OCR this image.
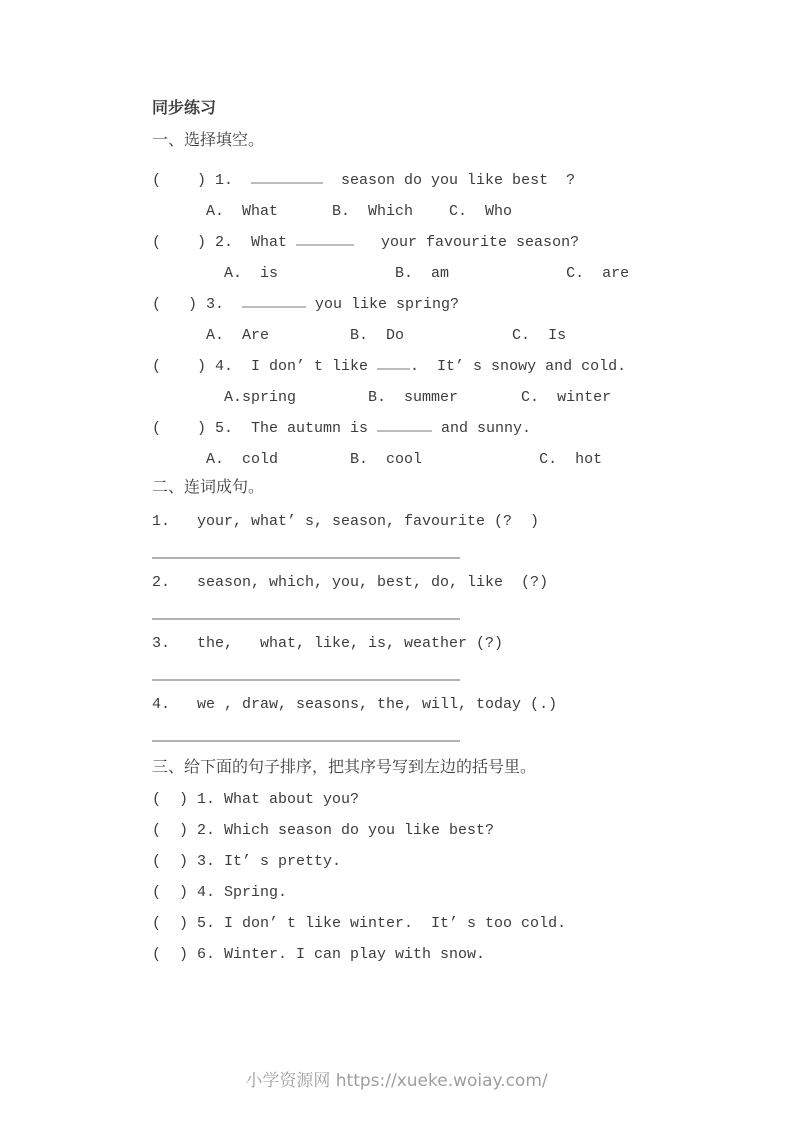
同步练习
一、选择填空。
(    ) 1.	season do you like best  ?
A.  What      B.  Which    C.  Who
(    ) 2.  What	your favourite season?
A.  is             B.  am             C.  are
(   ) 3.	you like spring?
A.  Are         B.  Do            C.  Is
(    ) 4.  I don’ t like .  It’ s snowy and cold.
A.spring        B.  summer       C.  winter
(    ) 5.  The autumn is	and sunny.
A.  cold        B.  cool             C.  hot
二、连词成句。
1.   your, what’ s, season, favourite (?  )
2.   season, which, you, best, do, like  (?)
3.   the,   what, like, is, weather (?)
4.   we , draw, seasons, the, will, today (.)
三、给下面的句子排序，把其序号写到左边的括号里。
(  ) 1. What about you?
(  ) 2. Which season do you like best?
(  ) 3. It’ s pretty.
(  ) 4. Spring.
(  ) 5. I don’ t like winter.  It’ s too cold.
(  ) 6. Winter. I can play with snow.
小学资源网 https://xueke.woiay.com/
